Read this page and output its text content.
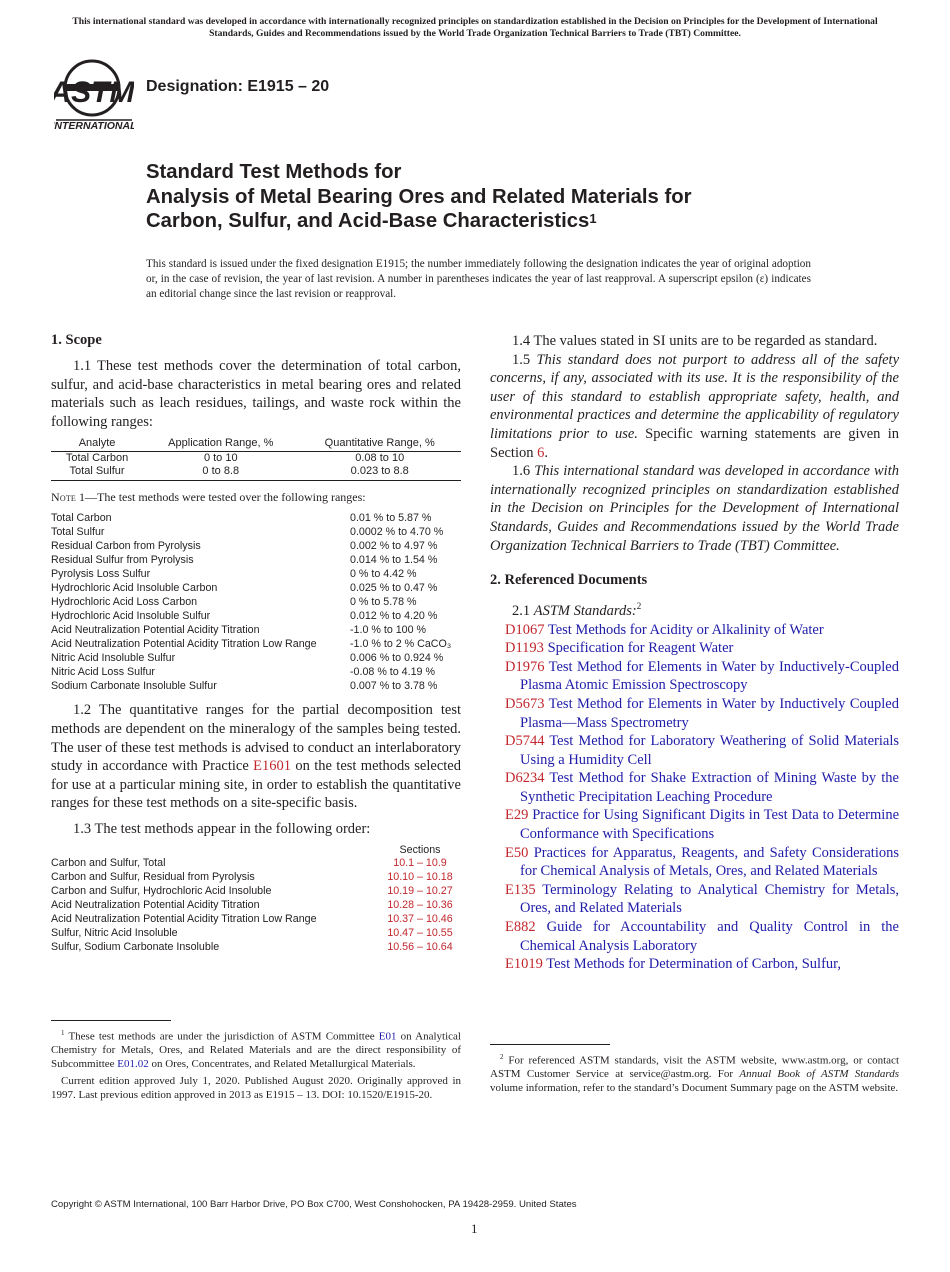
This international standard was developed in accordance with internationally recognized principles on standardization established in the Decision on Principles for the Development of International Standards, Guides and Recommendations issued by the World Trade Organization Technical Barriers to Trade (TBT) Committee.
ASTM
INTERNATIONAL
Designation: E1915 – 20
Standard Test Methods for
Analysis of Metal Bearing Ores and Related Materials for
Carbon, Sulfur, and Acid-Base Characteristics$^1$
This standard is issued under the fixed designation E1915; the number immediately following the designation indicates the year of original adoption or, in the case of revision, the year of last revision. A number in parentheses indicates the year of last reapproval. A superscript epsilon (ε) indicates an editorial change since the last revision or reapproval.
1. Scope

1.1 These test methods cover the determination of total carbon, sulfur, and acid-base characteristics in metal bearing ores and related materials such as leach residues, tailings, and waste rock within the following ranges:

Analyte	Application Range, %	Quantitative Range, %
Total Carbon	0 to 10	0.08 to 10
Total Sulfur	0 to 8.8	0.023 to 8.8
Note 1—The test methods were tested over the following ranges:
Total Carbon	0.01 % to 5.87 %
Total Sulfur	0.0002 % to 4.70 %
Residual Carbon from Pyrolysis	0.002 % to 4.97 %
Residual Sulfur from Pyrolysis	0.014 % to 1.54 %
Pyrolysis Loss Sulfur	0 % to 4.42 %
Hydrochloric Acid Insoluble Carbon	0.025 % to 0.47 %
Hydrochloric Acid Loss Carbon	0 % to 5.78 %
Hydrochloric Acid Insoluble Sulfur	0.012 % to 4.20 %
Acid Neutralization Potential Acidity Titration	-1.0 % to 100 %
Acid Neutralization Potential Acidity Titration Low Range	-1.0 % to 2 % CaCO₃
Nitric Acid Insoluble Sulfur	0.006 % to 0.924 %
Nitric Acid Loss Sulfur	-0.08 % to 4.19 %
Sodium Carbonate Insoluble Sulfur	0.007 % to 3.78 %

1.2 The quantitative ranges for the partial decomposition test methods are dependent on the mineralogy of the samples being tested. The user of these test methods is advised to conduct an interlaboratory study in accordance with Practice E1601 on the test methods selected for use at a particular mining site, in order to establish the quantitative ranges for these test methods on a site-specific basis.

1.3 The test methods appear in the following order:

	Sections
Carbon and Sulfur, Total	10.1 – 10.9
Carbon and Sulfur, Residual from Pyrolysis	10.10 – 10.18
Carbon and Sulfur, Hydrochloric Acid Insoluble	10.19 – 10.27
Acid Neutralization Potential Acidity Titration	10.28 – 10.36
Acid Neutralization Potential Acidity Titration Low Range	10.37 – 10.46
Sulfur, Nitric Acid Insoluble	10.47 – 10.55
Sulfur, Sodium Carbonate Insoluble	10.56 – 10.64

$^1$ These test methods are under the jurisdiction of ASTM Committee E01 on Analytical Chemistry for Metals, Ores, and Related Materials and are the direct responsibility of Subcommittee E01.02 on Ores, Concentrates, and Related Metallurgical Materials.

Current edition approved July 1, 2020. Published August 2020. Originally approved in 1997. Last previous edition approved in 2013 as E1915 – 13. DOI: 10.1520/E1915-20.

1.4 The values stated in SI units are to be regarded as standard.

1.5 This standard does not purport to address all of the safety concerns, if any, associated with its use. It is the responsibility of the user of this standard to establish appropriate safety, health, and environmental practices and determine the applicability of regulatory limitations prior to use. Specific warning statements are given in Section 6.

1.6 This international standard was developed in accordance with internationally recognized principles on standardization established in the Decision on Principles for the Development of International Standards, Guides and Recommendations issued by the World Trade Organization Technical Barriers to Trade (TBT) Committee.

2. Referenced Documents

2.1 ASTM Standards:$^2$

D1067 Test Methods for Acidity or Alkalinity of Water

D1193 Specification for Reagent Water

D1976 Test Method for Elements in Water by Inductively-Coupled Plasma Atomic Emission Spectroscopy

D5673 Test Method for Elements in Water by Inductively Coupled Plasma—Mass Spectrometry

D5744 Test Method for Laboratory Weathering of Solid Materials Using a Humidity Cell

D6234 Test Method for Shake Extraction of Mining Waste by the Synthetic Precipitation Leaching Procedure

E29 Practice for Using Significant Digits in Test Data to Determine Conformance with Specifications

E50 Practices for Apparatus, Reagents, and Safety Considerations for Chemical Analysis of Metals, Ores, and Related Materials

E135 Terminology Relating to Analytical Chemistry for Metals, Ores, and Related Materials

E882 Guide for Accountability and Quality Control in the Chemical Analysis Laboratory

E1019 Test Methods for Determination of Carbon, Sulfur,

$^2$ For referenced ASTM standards, visit the ASTM website, www.astm.org, or contact ASTM Customer Service at service@astm.org. For Annual Book of ASTM Standards volume information, refer to the standard’s Document Summary page on the ASTM website.

Copyright © ASTM International, 100 Barr Harbor Drive, PO Box C700, West Conshohocken, PA 19428-2959. United States
1
